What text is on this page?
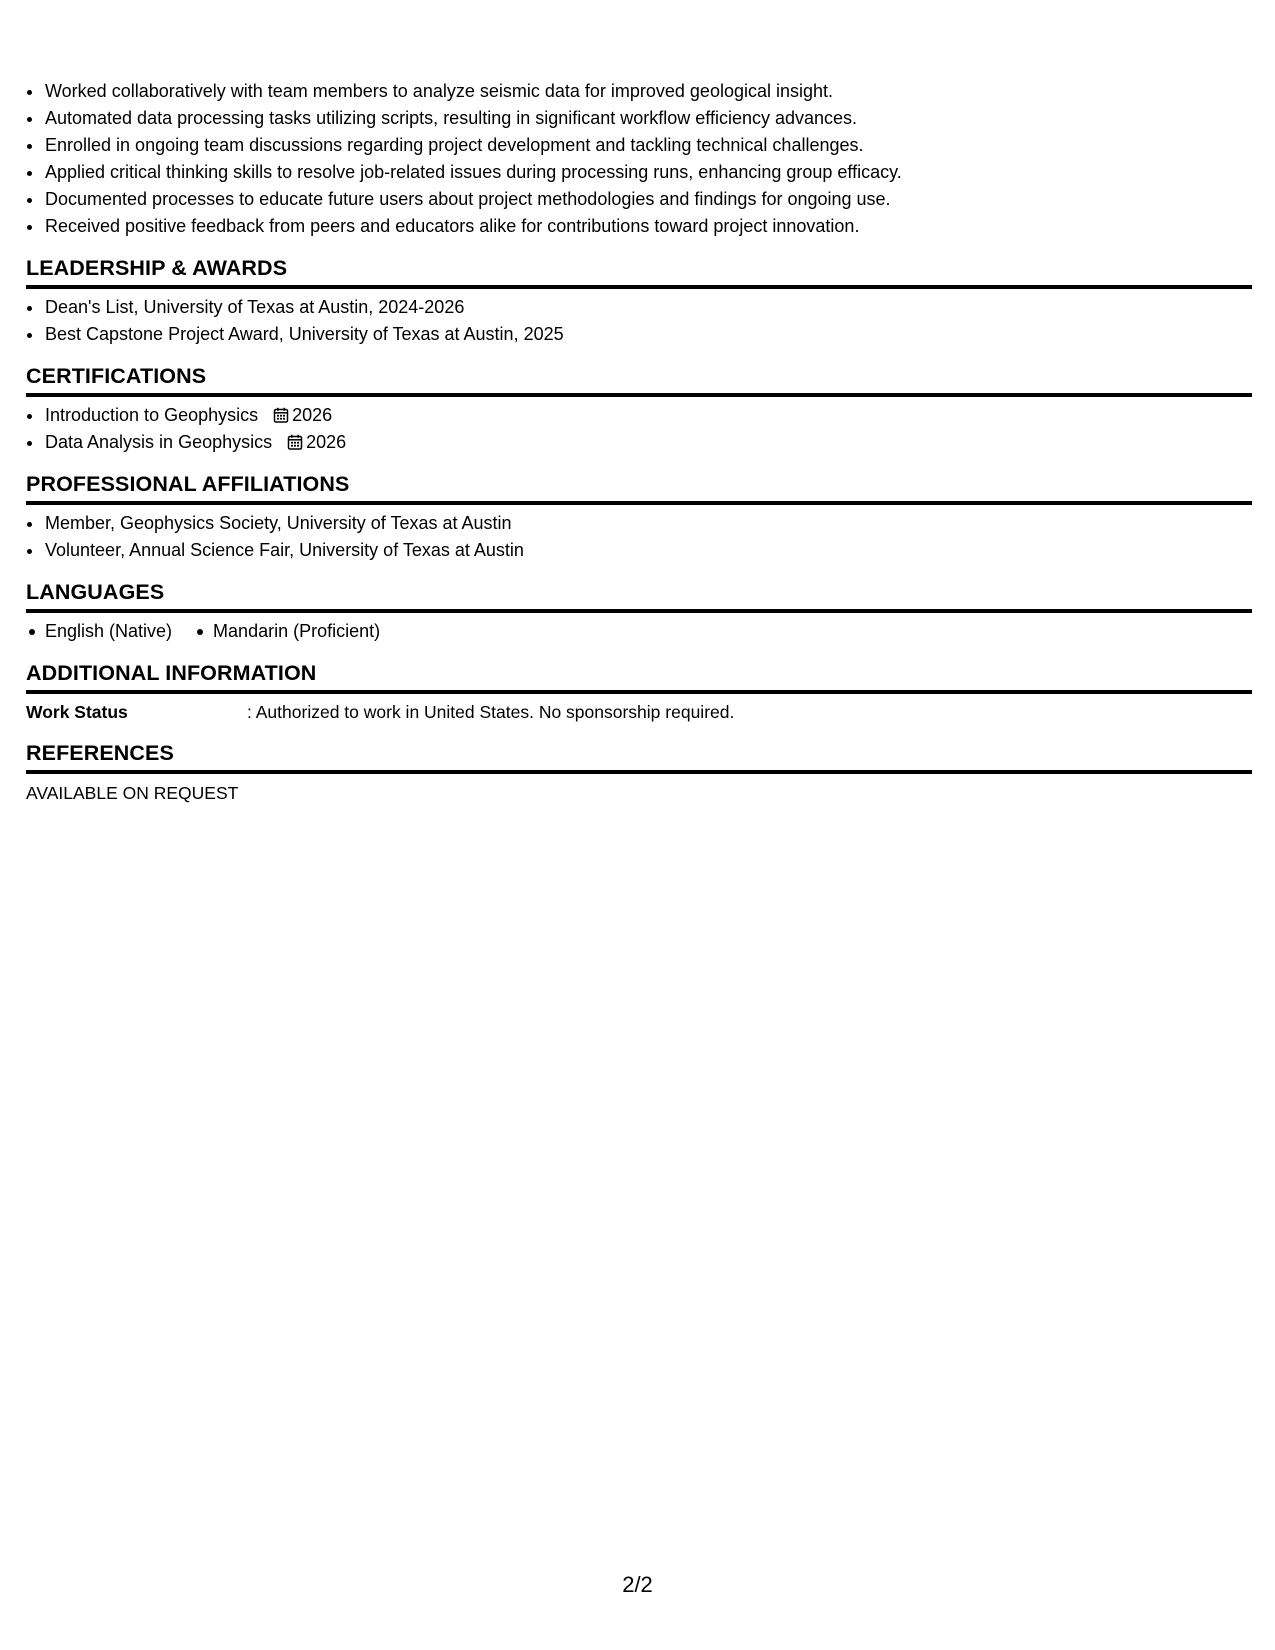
• Worked collaboratively with team members to analyze seismic data for improved geological insight.
• Automated data processing tasks utilizing scripts, resulting in significant workflow efficiency advances.
• Enrolled in ongoing team discussions regarding project development and tackling technical challenges.
• Applied critical thinking skills to resolve job-related issues during processing runs, enhancing group efficacy.
• Documented processes to educate future users about project methodologies and findings for ongoing use.
• Received positive feedback from peers and educators alike for contributions toward project innovation.
LEADERSHIP & AWARDS
• Dean's List, University of Texas at Austin, 2024-2026
• Best Capstone Project Award, University of Texas at Austin, 2025
CERTIFICATIONS
• Introduction to Geophysics 2026
• Data Analysis in Geophysics 2026
PROFESSIONAL AFFILIATIONS
• Member, Geophysics Society, University of Texas at Austin
• Volunteer, Annual Science Fair, University of Texas at Austin
LANGUAGES
English (Native)	Mandarin (Proficient)
ADDITIONAL INFORMATION
Work Status	: Authorized to work in United States. No sponsorship required.
REFERENCES
AVAILABLE ON REQUEST
2/2
